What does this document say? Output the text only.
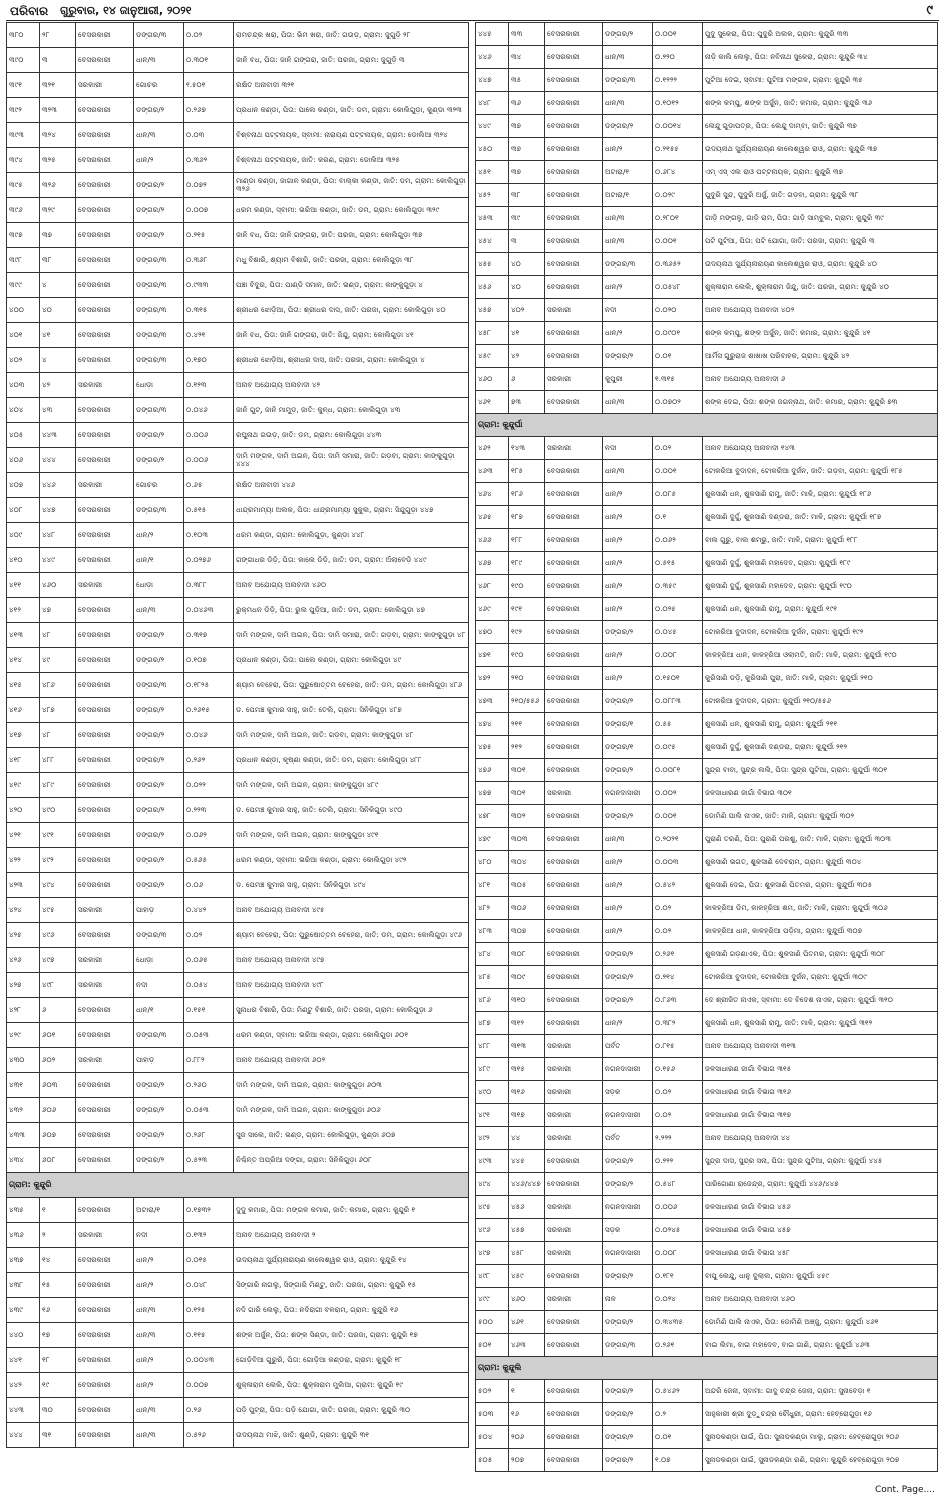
ପରିବାର ଗୁରୁବାର, ୧୪ ଜାନୁଆରୀ, ୨୦୨୧	୯
୩୮୦	୨୮	ବେସରକାରୀ	ଡଙ୍ଗର/୩	୦.୦୨	ରାମଚନ୍ଦ୍ର ଖରା, ପିତା: ଭିମ ଖରା, ଜାତି: ଗଉଡ଼, ଗ୍ରାମ: ଜୁଗୁଡ଼ି ୨୮
୩୯୦	୩	ବେସରକାରୀ	ଧାନ/୩	୦.୩୦୧	ଜାନି ବଧ, ପିତା: ଜାନି ଗଙ୍ଗରା, ଜାତି: ପରଜା, ଗ୍ରାମ: ଜୁଗୁଡ଼ି ୩
୩୯୧	୩୨୧	ସରକାରୀ	ଗୋଚର	୧.୫୦୧	ରକ୍ଷିତ ଅନାବାଦୀ ୩୨୧
୩୯୨	୩୨୩	ବେସରକାରୀ	ଡଙ୍ଗର/୨	୦.୨୬୭	ପ୍ରଧାନ କଣ୍ଡା, ପିତା: ପାଲେ କଣ୍ଡା, ଜାତି: ଡମ, ଗ୍ରାମ: କୋଲିଗୁଡ଼ା, କୁଣ୍ଡା ୩୨୩
୩୯୩	୩୨୪	ବେସରକାରୀ	ଧାନ/୩	୦.୦୩	ବିଶ୍ବନାଥ ପଟ୍ଟନାୟକ, ସ୍ବାମୀ: ନାରାୟଣ ପଟ୍ଟନାୟକ, ଗ୍ରାମ: ଡୋଲିଆ ୩୨୪
୩୯୪	୩୨୫	ବେସରକାରୀ	ଧାନ/୨	୦.୩୬୨	ବିଶ୍ବନାଥ ପଟ୍ଟନାୟକ, ଜାତି: କରଣ, ଗ୍ରାମ: ଡୋଲିଆ ୩୨୫
୩୯୫	୩୨୬	ବେସରକାରୀ	ଡଙ୍ଗର/୨	୦.୦୭୨	ମାଣ୍ଡା କଣ୍ଡା, ଜାଗାନ କଣ୍ଡା, ପିତା: ବାଲ୍କା କଣ୍ଡା, ଜାତି: ଡମ, ଗ୍ରାମ: କୋଲିଗୁଡ଼ା ୩୨୬
୩୯୬	୩୨୯	ବେସରକାରୀ	ଡଙ୍ଗର/୨	୦.୦୦୭	ଧରମ କଣ୍ଡା, ସ୍ବାମୀ: ଭରିଆ କଣ୍ଡା, ଜାତି: ଡମ, ଗ୍ରାମ: କୋଲିଗୁଡ଼ା ୩୨୯
୩୯୭	୩୭	ବେସରକାରୀ	ଡଙ୍ଗର/୨	୦.୨୧୫	ଜାନି ବଧ, ପିତା: ଜାନି ଗଙ୍ଗରା, ଜାତି: ପରଜା, ଗ୍ରାମ: କୋଲିଗୁଡ଼ା ୩୭
୩୯୮	୩୮	ବେସରକାରୀ	ଡଙ୍ଗର/୩	୦.୩୬୮	ମଧୁ ବିଶାରି, ଶ୍ୟାମ ବିଶାରି, ଜାତି: ପରଜା, ଗ୍ରାମ: କୋଲିଗୁଡ଼ା ୩୮
୩୯୯	୪	ବେସରକାରୀ	ଡଙ୍ଗର/୩	୦.୯୩୩	ପଞ୍ଚା ବିଦୁର, ପିତା: ପାଣ୍ଡି ସମାନ, ଜାତି: ଭଣ୍ଡ, ଗ୍ରାମ: କାଙ୍କୁଗୁଡ଼ା ୪
୪୦୦	୪୦	ବେସରକାରୀ	ଡଙ୍ଗର/୩	୦.୩୧୫	ଶ୍ରୀଧର ଝୋଡ଼ିଆ, ପିତା: ଶ୍ରୀଧର ଦାସ, ଜାତି: ପରଜା, ଗ୍ରାମ: କୋଲିଗୁଡ଼ା ୪୦
୪୦୧	୪୧	ବେସରକାରୀ	ଡଙ୍ଗର/୩	୦.୪୨୧	ଜାନି ବଧ, ପିତା: ଜାନି ଗଙ୍ଗରା, ଜାତି: ଜିନ୍ଦୁ, ଗ୍ରାମ: କୋଲିଗୁଡ଼ା ୪୧
୪୦୨	୪	ବେସରକାରୀ	ଡଙ୍ଗର/୩	୦.୧୭୦	ଶ୍ରୀଧର ଝୋଡ଼ିଆ, ଶ୍ରୀଧର ଦାସ, ଜାତି: ପରଜା, ଗ୍ରାମ: କୋଲିଗୁଡ଼ା ୪
୪୦୩	୪୨	ସରକାରୀ	ଧୋଡ଼ା	୦.୧୨୩	ଅନାବ ଅଯୋଗ୍ୟ ଅନାବାଦୀ ୪୨
୪୦୪	୪୩	ବେସରକାରୀ	ଡଙ୍ଗର/୩	୦.୦୪୬	ଜାନି ଗୁଟ୍, ଜାନି ମାମୁଡ଼, ଜାତି: କୁନ୍ଧ, ଗ୍ରାମ: କୋଲିଗୁଡ଼ା ୪୩
୪୦୫	୪୪୩	ବେସରକାରୀ	ଡଙ୍ଗର/୨	୦.୦୦୬	ରଘୁନାଥ ଗଉଡ଼, ଜାତି: ଡମ, ଗ୍ରାମ: କୋଲିଗୁଡ଼ା ୪୪୩
୪୦୬	୪୪୪	ବେସରକାରୀ	ଡଙ୍ଗର/୨	୦.୦୦୬	ଦାମି ମଙ୍ଗଳ, ଦାମି ଅଇନ, ପିତା: ଦାମି ସମାରା, ଜାତି: ଗଡ଼ବା, ଗ୍ରାମ: କାଙ୍କୁଗୁଡ଼ା ୪୪୪
୪୦୭	୪୪୬	ସରକାରୀ	ଗୋଚର	୦.୬୫	ରକ୍ଷିତ ଅନାବାଦୀ ୪୪୬
୪୦୮	୪୪୭	ବେସରକାରୀ	ଡଙ୍ଗର/୩	୦.୫୧୫	ଧାନ୍ଦ୍ରମାମ୍ୟା ଅଲକ, ପିତା: ଧାନ୍ଦ୍ରମାମ୍ୟା ସୁକୁଲ, ଗ୍ରାମ: ସିନ୍ଦୁଗୁଡ଼ା ୪୪୭
୪୦୯	୪୪୮	ବେସରକାରୀ	ଧାନ/୨	୦.୧୦୩	ଧରମ କଣ୍ଡା, ଗ୍ରାମ: କୋଲିଗୁଡ଼ା, କୁଣ୍ଡା ୪୪୮
୪୧୦	୪୪୯	ବେସରକାରୀ	ଧାନ/୧	୦.୦୨୭୬	ଗଙ୍ଗାଧର ଡିଡ଼ି, ପିତା: କାଲେ ଡିଡ଼ି, ଜାତି: ଡମ, ଗ୍ରାମ: ଅଁଲାବେଡ଼ି ୪୪୯
୪୧୧	୪୬୦	ସରକାରୀ	ଧୋଡ଼ା	୦.୩୮୮	ଅନାବ ଅଯୋଗ୍ୟ ଅନାବାଦୀ ୪୬୦
୪୧୨	୪୭	ବେସରକାରୀ	ଧାନ/୩	୦.୦୪୬୩	ରୁକ୍ମଧନ ଡିଡ଼ି, ପିତା: ରୁଲ ପୁଡ଼ିଆ, ଜାତି: ଡମ, ଗ୍ରାମ: କୋଲିଗୁଡ଼ା ୪୭
୪୧୩	୪୮	ବେସରକାରୀ	ଡଙ୍ଗର/୨	୦.୩୧୭	ଦାମି ମଙ୍ଗଳ, ଦାମି ଅଇନ, ପିତା: ଦାମି ସମାରା, ଜାତି: ଗଡ଼ବା, ଗ୍ରାମ: କାଙ୍କୁଗୁଡ଼ା ୪୮
୪୧୪	୪୯	ବେସରକାରୀ	ଡଙ୍ଗର/୨	୦.୧୦୭	ପ୍ରଧାନ କଣ୍ଡା, ପିତା: ପାଲେ କଣ୍ଡା, ଗ୍ରାମ: କୋଲିଗୁଡ଼ା ୪୯
୪୧୫	୪୮୬	ବେସରକାରୀ	ଡଙ୍ଗର/୩	୦.୧୮୨୫	ଶ୍ୟାମ ବେହେରା, ପିତା: ପୁରୁଷୋତ୍ତମ ବେହେରା, ଜାତି: ଡମ, ଗ୍ରାମ: କୋଲିଗୁଡ଼ା ୪୮୬
୪୧୬	୪୮୭	ବେସରକାରୀ	ଡଙ୍ଗର/୨	୦.୨୬୧୫	ଡ. ପେମଞ୍ଚ କୁମାର ସାହୁ, ଜାତି: ତେଲି, ଗ୍ରାମ: ସିନିକିଗୁଡ଼ା ୪୮୭
୪୧୭	୪୮	ବେସରକାରୀ	ଡଙ୍ଗର/୨	୦.୦୪୬	ଦାମି ମଙ୍ଗଳ, ଦାମି ଅଇନ, ଜାତି: ଗଡ଼ବା, ଗ୍ରାମ: କାଙ୍କୁଗୁଡ଼ା ୪୮
୪୧୮	୪୮୮	ବେସରକାରୀ	ଡଙ୍ଗର/୨	୦.୨୬୨	ପ୍ରଧାନ କଣ୍ଡା, କୃଷ୍ଣା କଣ୍ଡା, ଜାତି: ଡମ, ଗ୍ରାମ: କୋଲିଗୁଡ଼ା ୪୮୮
୪୧୯	୪୮୯	ବେସରକାରୀ	ଡଙ୍ଗର/୨	୦.୦୨୨	ଦାମି ମଙ୍ଗଳ, ଦାମି ଅଇନ, ଗ୍ରାମ: କାଙ୍କୁଗୁଡ଼ା ୪୮୯
୪୨୦	୪୯୦	ବେସରକାରୀ	ଡଙ୍ଗର/୨	୦.୨୨୩	ଡ. ପେମଞ୍ଚ କୁମାର ସାହୁ, ଜାତି: ତେଲି, ଗ୍ରାମ: ସିନିକିଗୁଡ଼ା ୪୯୦
୪୨୧	୪୯୧	ବେସରକାରୀ	ଡଙ୍ଗର/୨	୦.୦୬୨	ଦାମି ମଙ୍ଗଳ, ଦାମି ଅଇନ, ଗ୍ରାମ: କାଙ୍କୁଗୁଡ଼ା ୪୯୧
୪୨୨	୪୯୨	ବେସରକାରୀ	ଡଙ୍ଗର/୨	୦.୫୬୫	ଧରମ କଣ୍ଡା, ସ୍ବାମୀ: ଭରିଆ କଣ୍ଡା, ଗ୍ରାମ: କୋଲିଗୁଡ଼ା ୪୯୨
୪୨୩	୪୯୪	ବେସରକାରୀ	ଡଙ୍ଗର/୨	୦.୦୬	ଡ. ପେମଞ୍ଚ କୁମାର ସାହୁ, ଗ୍ରାମ: ସିନିକିଗୁଡ଼ା ୪୯୪
୪୨୪	୪୯୫	ସରକାରୀ	ପାହାଡ଼	୦.୪୪୨	ଅନାବ ଅଯୋଗ୍ୟ ଅନାବାଦୀ ୪୯୫
୪୨୫	୪୯୬	ବେସରକାରୀ	ଡଙ୍ଗର/୩	୦.୦୨	ଶ୍ୟାମ ବେହେରା, ପିତା: ପୁରୁଷୋତ୍ତମ ବେହେରା, ଜାତି: ଡମ, ଗ୍ରାମ: କୋଲିଗୁଡ଼ା ୪୯୬
୪୨୬	୪୯୭	ସରକାରୀ	ଧୋଡ଼ା	୦.୦୬୫	ଅନାବ ଅଯୋଗ୍ୟ ଅନାବାଦୀ ୪୯୭
୪୨୭	୪୯୮	ସରକାରୀ	ନଦୀ	୦.୦୫୪	ଅନାବ ଅଯୋଗ୍ୟ ଅନାବାଦୀ ୪୯୮
୪୨୮	୬	ବେସରକାରୀ	ଧାନ/୧	୦.୧୫୧	ସୁନାଧର ବିଶାରି, ପିତା: ମିଣ୍ଟୁ ବିଶାରି, ଜାତି: ପରଜା, ଗ୍ରାମ: କୋଲିଗୁଡ଼ା ୬
୪୨୯	୬୦୧	ବେସରକାରୀ	ଡଙ୍ଗର/୩	୦.୦୫୩	ଧରମ କଣ୍ଡା, ସ୍ବାମୀ: ଭରିଆ କଣ୍ଡା, ଗ୍ରାମ: କୋଲିଗୁଡ଼ା ୬୦୧
୪୩୦	୬୦୨	ସରକାରୀ	ପାହାଡ଼	୦.୮୮୨	ଅନାବ ଅଯୋଗ୍ୟ ଅନାବାଦୀ ୬୦୨
୪୩୧	୬୦୩	ବେସରକାରୀ	ଡଙ୍ଗର/୨	୦.୨୬୦	ଦାମି ମଙ୍ଗଳ, ଦାମି ଅଇନ, ଗ୍ରାମ: କାଙ୍କୁଗୁଡ଼ା ୬୦୩
୪୩୨	୬୦୬	ବେସରକାରୀ	ଡଙ୍ଗର/୨	୦.୦୫୩	ଦାମି ମଙ୍ଗଳ, ଦାମି ଅଇନ, ଗ୍ରାମ: କାଙ୍କୁଗୁଡ଼ା ୬୦୬
୪୩୩	୬୦୭	ବେସରକାରୀ	ଡଙ୍ଗର/୨	୦.୨୬୮	ସୁଜ ସାଲେ, ଜାତି: ଭଣ୍ଡ, ଗ୍ରାମ: କୋଲିଗୁଡ଼ା, କୁଣ୍ଡା ୬୦୭
୪୩୪	୬୦୮	ବେସରକାରୀ	ଡଙ୍ଗର/୨	୦.୫୨୩	ନିଶ୍ଚିନ୍ତ ଅପ୍ରିଆ ଦଙ୍ଗା, ଗ୍ରାମ: ସିନିକିଗୁଡ଼ା ୬୦୮
ଗ୍ରାମ: କୁନ୍ଦୁରି					
୪୩୫	୧	ବେସରକାରୀ	ଅଟାରା/୧	୦.୧୭୩୨	ଦୁଦୁ କମାର, ପିତା: ମଙ୍ଗଳ କମାର, ଜାତି: କମାର, ଗ୍ରାମ: କୁନ୍ଦୁରି ୧
୪୩୬	୨	ସରକାରୀ	ନଦୀ	୦.୧୩୨	ଅନାବ ଅଯୋଗ୍ୟ ଅନାବାଦୀ ୨
୪୩୭	୧୪	ବେସରକାରୀ	ଧାନ/୨	୦.୦୧୫	ଉଦୟନାଥ ସୁର୍ଯ୍ୟନାରାୟଣ କାଲେଶ୍ୱର ରାଓ, ଗ୍ରାମ: କୁନ୍ଦୁରି ୧୪
୪୩୮	୧୫	ବେସରକାରୀ	ଧାନ/୨	୦.୦୪୮	ସିଙ୍ଗାରି ନାଗଲୁ, ସିଙ୍ଗାରି ମିଣ୍ଟୁ, ଜାତି: ପରଜା, ଗ୍ରାମ: କୁନ୍ଦୁରି ୧୫
୪୩୯	୧୬	ବେସରକାରୀ	ଧାନ/୩	୦.୧୨୫	ନଦି ଗାରି ଲେଲୁ, ପିତା: ନଦିରାଗୀ ବଳରାମ, ଗ୍ରାମ: କୁନ୍ଦୁରି ୧୬
୪୪୦	୧୭	ବେସରକାରୀ	ଧାନ/୩	୦.୧୧୫	ଶଙ୍କ ଅର୍ଜୁନ, ପିତା: ଶଙ୍କ ସିଣ୍ଡା, ଜାତି: ପରଜା, ଗ୍ରାମ: କୁନ୍ଦୁରି ୧୭
୪୪୧	୧୮	ବେସରକାରୀ	ଧାନ/୨	୦.୦୦୪୩	ଗୋଡ଼ିବିଆ ଗୁରୁରି, ପିତା: ଗୋଡ଼ିଆ କଣ୍ଡରା, ଗ୍ରାମ: କୁନ୍ଦୁରି ୧୮
୪୪୨	୧୯	ବେସରକାରୀ	ଧାନ/୨	୦.୦୦୭	ଶୁକ୍ଳାରାମ ଲେଲି, ପିତା: ଶୁକ୍ଳାରାମ ମୁଲିଆ, ଗ୍ରାମ: କୁନ୍ଦୁରି ୧୯
୪୪୩	୩୦	ବେସରକାରୀ	ଧାନ/୩	୦.୨୬	ପଡ଼ି ପୁଟ୍ରା, ପିତା: ପଡ଼ି ଯୋଗା, ଜାତି: ପରଜା, ଗ୍ରାମ: କୁନ୍ଦୁରି ୩୦
୪୪୪	୩୧	ବେସରକାରୀ	ଧାନ/୩	୦.୫୨୬	ଉଦୟନାଥ ମାଝି, ଜାତି: ଶୁଣ୍ଡି, ଗ୍ରାମ: କୁନ୍ଦୁରି ୩୧
୪୪୫	୩୩	ବେସରକାରୀ	ଡଙ୍ଗର/୨	୦.୦୦୧	ପୁଦୁ ସୁକେରା, ପିତା: ପୁଦୁରି ଅଲକ, ଗ୍ରାମ: କୁନ୍ଦୁରି ୩୩
୪୪୬	୩୪	ବେସରକାରୀ	ଧାନ/୩	୦.୨୨୦	ନାଡ଼ି କାଲି ଲେଲୁ, ପିତା: ନବିନାଥ ସୁକେରା, ଗ୍ରାମ: କୁନ୍ଦୁରି ୩୪
୪୪୭	୩୫	ବେସରକାରୀ	ଡଙ୍ଗର/୩	୦.୧୨୨୨	ପୁଟିଆ ଦେଇ, ସ୍ବାମୀ: ପୁଟିଆ ମଙ୍ଗଳ, ଗ୍ରାମ: କୁନ୍ଦୁରି ୩୫
୪୪୮	୩୬	ବେସରକାରୀ	ଧାନ/୩	୦.୧୦୧୨	ଶଙ୍କ କମ୍ପୁ, ଶଙ୍କ ଅର୍ଜୁନ, ଜାତି: କମାର, ଗ୍ରାମ: କୁନ୍ଦୁରି ୩୬
୪୪୯	୩୭	ବେସରକାରୀ	ଡଙ୍ଗର/୨	୦.୦୦୧୪	ଲେନ୍ଦୁ ଗୁଡ଼ାପତ୍ର, ପିତା: ଲେନ୍ଦୁ ଦାମ୍ବା, ଜାତି: କୁନ୍ଦୁରି ୩୭
୪୫୦	୩୭	ବେସରକାରୀ	ଧାନ/୨	୦.୨୧୫୫	ଉଦୟନାଥ ସୁର୍ଯ୍ୟନାରାୟଣ କାଲେଶ୍ୱର ରାଓ, ଗ୍ରାମ: କୁନ୍ଦୁରି ୩୭
୪୫୧	୩୭	ବେସରକାରୀ	ଅଟାରା/୧	୦.୬୮୪	ଏମ୍ ଏସ୍ ଏଲ ରାଓ ପଟ୍ଟନାୟକ, ଗ୍ରାମ: କୁନ୍ଦୁରି ୩୭
୪୫୨	୩୮	ବେସରକାରୀ	ଅଟାରା/୧	୦.୦୨୯	ପୁଦୁରି ସୁନ୍ଦ, ପୁଦୁରି ଅର୍ଜୁ, ଜାତି: ଗଡ଼ବା, ଗ୍ରାମ: କୁନ୍ଦୁରି ୩୮
୪୫୩	୩୯	ବେସରକାରୀ	ଧାନ/୩	୦.୨୮୦୧	ଗାଡ଼ି ମଙ୍ଗଳୁ, ଗାଡ଼ି ରାମ, ପିତା: ଗାଡ଼ି ସାମ୍ବୁଲ, ଗ୍ରାମ: କୁନ୍ଦୁରି ୩୯
୪୫୪	୩	ବେସରକାରୀ	ଧାନ/୩	୦.୦୦୧	ପଟି ପୁଟିଆ, ପିତା: ପଟି ଯୋଗା, ଜାତି: ପରଜା, ଗ୍ରାମ: କୁନ୍ଦୁରି ୩
୪୫୫	୪୦	ବେସରକାରୀ	ଡଙ୍ଗର/୩	୦.୩୬୫୨	ଉଦୟନାଥ ସୁର୍ଯ୍ୟନାରାୟଣ କାଲେଶ୍ୱର ରାଓ, ଗ୍ରାମ: କୁନ୍ଦୁରି ୪୦
୪୫୬	୪୦	ବେସରକାରୀ	ଧାନ/୨	୦.୦୫୪୮	ଶୁକ୍ଳାରାମ ଲେଲି, ଶୁକ୍ଳାରାମ ଜିନ୍ଦୁ, ଜାତି: ପରଜା, ଗ୍ରାମ: କୁନ୍ଦୁରି ୪୦
୪୫୭	୪୦୨	ସରକାରୀ	ନଦୀ	୦.୦୨୦	ଅନାବ ଅଯୋଗ୍ୟ ଅନାବାଦୀ ୪୦୨
୪୫୮	୪୧	ବେସରକାରୀ	ଧାନ/୨	୦.୦୯୦୧	ଶଙ୍କ କମ୍ପୁ, ଶଙ୍କ ଅର୍ଜୁନ, ଜାତି: କମାର, ଗ୍ରାମ: କୁନ୍ଦୁରି ୪୧
୪୫୯	୪୨	ବେସରକାରୀ	ଡଙ୍ଗର/୨	୦.୦୧	ଆର୍ମିସ ଗୁରୁରାଜ ଶାଖାଖ ପରିବାହକ, ଗ୍ରାମ: କୁନ୍ଦୁରି ୪୨
୪୬୦	୬	ସରକାରୀ	କୁପୁରୀ	୧.୩୧୫	ଅନାବ ଅଯୋଗ୍ୟ ଅନାବାଦୀ ୬
୪୬୧	୭୩	ବେସରକାରୀ	ଧାନ/୩	୦.୦୭୦୨	ଶଙ୍କ ଦେଇ, ପିତା: ଶଙ୍କ ଜଗନ୍ନାଥ, ଜାତି: କମାର, ଗ୍ରାମ: କୁନ୍ଦୁରି ୭୩
ଗ୍ରାମ: କୁନ୍ଦୁର୍ଘା					
୪୬୨	୧୪୩	ସରକାରୀ	ନଦୀ	୦.୦୨	ଅନାବ ଅଯୋଗ୍ୟ ଅନାବାଦୀ ୧୪୩
୪୬୩	୧୮୫	ବେସରକାରୀ	ଧାନ/୩	୦.୦୦୧	ଟୋକରିଆ ବୁଦାଦନ, ଟୋକରିଆ ଦୁର୍ଜନ, ଜାତି: ଗଡ଼ବା, ଗ୍ରାମ: କୁନ୍ଦୁର୍ଘା ୧୮୫
୪୬୪	୧୮୬	ବେସରକାରୀ	ଧାନ/୨	୦.୦୮୫	ଶୁକସାଣି ଧନ, ଶୁକସାଣି ରାମୁ, ଜାତି: ମାଳି, ଗ୍ରାମ: କୁନ୍ଦୁର୍ଘା ୧୮୬
୪୬୫	୧୮୭	ବେସରକାରୀ	ଧାନ/୨	୦.୧	ଶୁକସାଣି ଦୁର୍ଦ୍ଦୁ, ଶୁକସାଣି ଦଣ୍ଡରା, ଜାତି: ମାଳି, ଗ୍ରାମ: କୁନ୍ଦୁର୍ଘା ୧୮୭
୪୬୬	୧୮୮	ବେସରକାରୀ	ଧାନ/୨	୦.୦୬୨	ବାଲ ଗୁରୁ, ବାଲ ଶମ୍ଭୁ, ଜାତି: ମାଳି, ଗ୍ରାମ: କୁନ୍ଦୁର୍ଘା ୧୮୮
୪୬୭	୧୮୯	ବେସରକାରୀ	ଧାନ/୨	୦.୫୧୫	ଶୁକସାଣି ଦୁର୍ଦ୍ଦୁ, ଶୁକସାଣି ମହାଦେବ, ଗ୍ରାମ: କୁନ୍ଦୁର୍ଘା ୧୮୯
୪୬୮	୧୯୦	ବେସରକାରୀ	ଧାନ/୨	୦.୩୫୯	ଶୁକସାଣି ଦୁର୍ଦ୍ଦୁ, ଶୁକସାଣି ମହାଦେବ, ଗ୍ରାମ: କୁନ୍ଦୁର୍ଘା ୧୯୦
୪୬୯	୧୯୧	ବେସରକାରୀ	ଧାନ/୨	୦.୦୨୫	ଶୁକସାଣି ଧନ, ଶୁକସାଣି ରାମୁ, ଗ୍ରାମ: କୁନ୍ଦୁର୍ଘା ୧୯୧
୪୭୦	୧୯୨	ବେସରକାରୀ	ଡଙ୍ଗର/୨	୦.୦୪୫	ଟୋକରିଆ ବୁଦାଦନ, ଟୋକରିଆ ଦୁର୍ଜନ, ଗ୍ରାମ: କୁନ୍ଦୁର୍ଘା ୧୯୨
୪୭୧	୧୯୦	ବେସରକାରୀ	ଧାନ/୨	୦.୦୦୮	କାଳହ୍ରିଆ ଧାନ, କାଳହ୍ରିଆ ଓଲାମତି, ଜାତି: ମାଳି, ଗ୍ରାମ: କୁନ୍ଦୁର୍ଘା ୧୯୦
୪୭୨	୨୧୦	ବେସରକାରୀ	ଧାନ/୨	୦.୧୫୦୧	କୁରିସାଣି ଡଡ଼ି, କୁରିସାଣି ପୁରା, ଜାତି: ମାଳି, ଗ୍ରାମ: କୁନ୍ଦୁର୍ଘା ୨୧୦
୪୭୩	୨୧୦/୫୫୬	ବେସରକାରୀ	ଡଙ୍ଗର/୨	୦.୦୮୮୩	ଟୋକରିଆ ବୁଦାଦନ, ଗ୍ରାମ: କୁନ୍ଦୁର୍ଘା ୨୧୦/୫୫୬
୪୭୪	୨୧୧	ବେସରକାରୀ	ଡଙ୍ଗର/୧	୦.୫୫	ଶୁକସାଣି ଧନ, ଶୁକସାଣି ରାମୁ, ଗ୍ରାମ: କୁନ୍ଦୁର୍ଘା ୨୧୧
୪୭୫	୨୧୨	ବେସରକାରୀ	ଡଙ୍ଗର/୧	୦.୦୯୫	ଶୁକସାଣି ଦୁର୍ଦ୍ଦୁ, ଶୁକସାଣି ଦଣ୍ଡରା, ଗ୍ରାମ: କୁନ୍ଦୁର୍ଘା ୨୧୨
୪୭୬	୩୦୧	ବେସରକାରୀ	ଡଙ୍ଗର/୨	୦.୦୦୮୧	ସୁନ୍ଦ୍ର ବାବା, ସୁନ୍ଦ୍ର ଲଲି, ପିତା: ସୁନ୍ଦ୍ର ପୁଟିଆ, ଗ୍ରାମ: କୁନ୍ଦୁର୍ଘା ୩୦୧
୪୭୭	୩୦୧	ସରକାରୀ	ନଗନଦାସାରୀ	୦.୦୦୨	ଜଳସାଧାରଣ ଜାଗାଁ ବିଭାଗ ୩୦୧
୪୭୮	୩୦୨	ବେସରକାରୀ	ଡଙ୍ଗର/୨	୦.୦୦୧	ଡୋମିଣି ପାଲି ନାଏକ, ଜାତି: ମାଳି, ଗ୍ରାମ: କୁନ୍ଦୁର୍ଘା ୩୦୨
୪୭୯	୩୦୩	ବେସରକାରୀ	ଧାନ/୩	୦.୨୦୨୧	ପୁରାଣି ତରଣି, ପିତା: ପୁରାଣି ପରଶୁ, ଜାତି: ମାଳି, ଗ୍ରାମ: କୁନ୍ଦୁର୍ଘା ୩୦୩
୪୮୦	୩୦୪	ବେସରକାରୀ	ଧାନ/୨	୦.୦୦୩	ଶୁକସାଣି ଭଗତ, ଶୁକସାଣି ଦେବରାମ, ଗ୍ରାମ: କୁନ୍ଦୁର୍ଘା ୩୦୪
୪୮୧	୩୦୫	ବେସରକାରୀ	ଧାନ/୨	୦.୫୪୨	ଶୁକସାଣି ଦେଇ, ପିତା: ଶୁକସାଣି ପିତମର, ଗ୍ରାମ: କୁନ୍ଦୁର୍ଘା ୩୦୫
୪୮୨	୩୦୬	ବେସରକାରୀ	ଧାନ/୨	୦.୦୨	କାଳହ୍ରିଆ ଡିମ, କାଳହ୍ରିଆ ଶମ, ଜାତି: ମାଳି, ଗ୍ରାମ: କୁନ୍ଦୁର୍ଘା ୩୦୬
୪୮୩	୩୦୭	ବେସରକାରୀ	ଧାନ/୨	୦.୦୨	କାଳହ୍ରିଆ ଧାନ, କାଳହ୍ରିଆ ପଡ଼ିମା, ଗ୍ରାମ: କୁନ୍ଦୁର୍ଘା ୩୦୭
୪୮୪	୩୦୮	ବେସରକାରୀ	ଡଙ୍ଗର/୨	୦.୨୬୧	ଶୁକସାଣି ଗଡ଼ଣାଏକ, ପିତା: ଶୁକସାଣି ପିତମର, ଗ୍ରାମ: କୁନ୍ଦୁର୍ଘା ୩୦୮
୪୮୫	୩୦୯	ବେସରକାରୀ	ଡଙ୍ଗର/୨	୦.୨୧୪	ଟୋକରିଆ ବୁଦାଦନ, ଟୋକରିଆ ଦୁର୍ଜନ, ଗ୍ରାମ: କୁନ୍ଦୁର୍ଘା ୩୦୯
୪୮୬	୩୧୦	ବେସରକାରୀ	ଡଙ୍ଗର/୨	୦.୮୬୩	ଦେ ଶ୍ରୀଜିତ ନାଏକ, ସ୍ବାମୀ: ଦେ ବିଦେଶ ନାଏକ, ଗ୍ରାମ: କୁନ୍ଦୁର୍ଘା ୩୧୦
୪୮୭	୩୧୨	ବେସରକାରୀ	ଧାନ/୨	୦.୩୮୨	ଶୁକସାଣି ଧନ, ଶୁକସାଣି ରାମୁ, ଜାତି: ମାଳି, ଗ୍ରାମ: କୁନ୍ଦୁର୍ଘା ୩୧୨
୪୮୮	୩୧୩	ସରକାରୀ	ପର୍ବତ	୦.୮୧୫	ଅନାବ ଅଯୋଗ୍ୟ ଅନାବାଦୀ ୩୧୩
୪୮୯	୩୧୫	ସରକାରୀ	ନଗନଦାସାରୀ	୦.୧୫୬	ଜଳସାଧାରଣ ଜାଗାଁ ବିଭାଗ ୩୧୫
୪୯୦	୩୧୬	ସରକାରୀ	ସଡ଼କ	୦.୦୨	ଜଳସାଧାରଣ ଜାଗାଁ ବିଭାଗ ୩୧୬
୪୯୧	୩୧୭	ସରକାରୀ	ନଗନଦାସାରୀ	୦.୦୨	ଜଳସାଧାରଣ ଜାଗାଁ ବିଭାଗ ୩୧୭
୪୯୨	୪୪	ସରକାରୀ	ପର୍ବତ	୨.୨୨୨	ଅନାବ ଅଯୋଗ୍ୟ ଅନାବାଦୀ ୪୪
୪୯୩	୪୪୫	ବେସରକାରୀ	ଡଙ୍ଗର/୨	୦.୨୨୨	ସୁନ୍ଦ୍ର ଦାସ, ସୁନ୍ଦ୍ର ସନା, ପିତା: ସୁନ୍ଦ୍ର ପୁଟିଆ, ଗ୍ରାମ: କୁନ୍ଦୁର୍ଘା ୪୪୫
୪୯୪	୪୪୬/୪୪୭	ବେସରକାରୀ	ଡଙ୍ଗର/୨	୦.୫୪୮	ପାରିଗୋଣା ରାଜେନ୍ଦ୍ର, ଗ୍ରାମ: କୁନ୍ଦୁର୍ଘା ୪୪୬/୪୪୭
୪୯୫	୪୫୬	ସରକାରୀ	ନଗନଦାସାରୀ	୦.୦୦୬	ଜଳସାଧାରଣ ଜାଗାଁ ବିଭାଗ ୪୫୬
୪୯୬	୪୫୭	ସରକାରୀ	ସଡ଼କ	୦.୦୨୪୫	ଜଳସାଧାରଣ ଜାଗାଁ ବିଭାଗ ୪୫୭
୪୯୭	୪୫୮	ସରକାରୀ	ନଗନଦାସାରୀ	୦.୦୦୮	ଜଳସାଧାରଣ ଜାଗାଁ ବିଭାଗ ୪୫୮
୪୯୮	୪୫୯	ବେସରକାରୀ	ଡଙ୍ଗର/୨	୦.୧୮୧	ବାପୁ ଲେନ୍ଦୁ, ଧାନୁ ଦୁଲାଲ, ଗ୍ରାମ: କୁନ୍ଦୁର୍ଘା ୪୫୯
୪୯୯	୪୬୦	ସରକାରୀ	ନାଳ	୦.୦୨୪	ଅନାବ ଅଯୋଗ୍ୟ ଅନାବାଦୀ ୪୬୦
୫୦୦	୪୬୧	ବେସରକାରୀ	ଡଙ୍ଗର/୨	୦.୩୪୩୫	ଡୋମିଣି ପାଲି ନାଏକ, ପିତା: ଡୋମିଣି ଅଞ୍ଜୁ, ଗ୍ରାମ: କୁନ୍ଦୁର୍ଘା ୪୬୧
୫୦୧	୪୬୩	ବେସରକାରୀ	ଡଙ୍ଗର/୩	୦.୨୬୧	ବାଇ ଲିମା, ବାଇ ମହାଦେବ, ବାଇ ଗାଣି, ଗ୍ରାମ: କୁନ୍ଦୁର୍ଘା ୪୬୩
ଗ୍ରାମ: କୁନ୍ଦୁଲି					
୫୦୨	୧	ବେସରକାରୀ	ଡଙ୍ଗର/୨	୦.୫୪୬୨	ଅନ୍ଦରି ଜେନା, ସ୍ବାମୀ: ଗାଦୁ ଚନ୍ଦ୍ର ଜେନା, ଗ୍ରାମ: ସୁନାବେଡ଼ା ୧
୫୦୩	୧୬	ବେସରକାରୀ	ଡଙ୍ଗର/୨	୦.୨	ସାହୁକାରୀ ଶ୍ରୀ ଦୁଡ଼ୁଚନ୍ଦ୍ର ଚୌଧୁରୀ, ଗ୍ରାମ: ହେବ୍ରୋଗୁଡ଼ା ୧୬
୫୦୪	୨୦୬	ବେସରକାରୀ	ଡଙ୍ଗର/୨	୦.୦୧	ସୁନାଡକଣ୍ଡା ପାଇଁ, ପିତା: ସୁନାଡକଣ୍ଡା ମାଲୁ, ଗ୍ରାମ: ହେବ୍ରୋଗୁଡ଼ା ୨୦୬
୫୦୫	୨୦୭	ବେସରକାରୀ	ଡଙ୍ଗର/୨	୧.୦୭	ସୁନାଡକଣ୍ଡା ପାଇଁ, ସୁନାଡକଣ୍ଡା ରଣି, ଗ୍ରାମ: କୁନ୍ଦୁରି ହେବ୍ରୋଗୁଡ଼ା ୨୦୭
Cont. Page....
